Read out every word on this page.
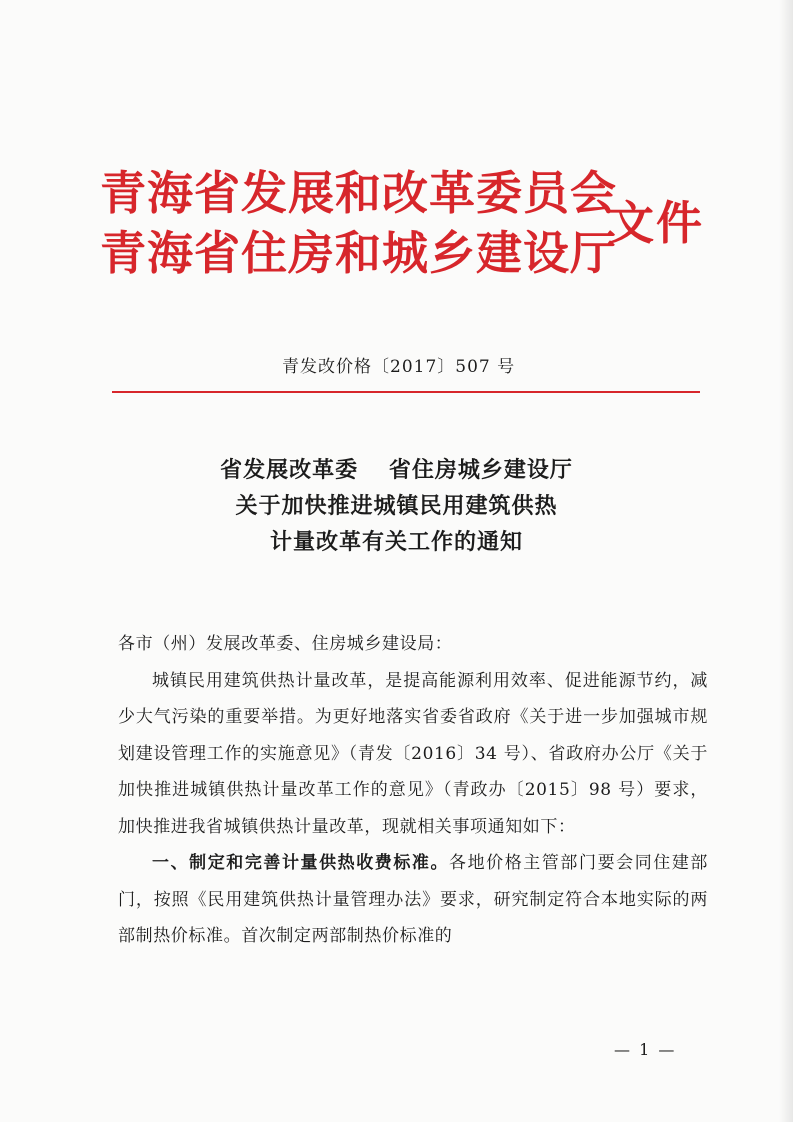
青海省发展和改革委员会
青海省住房和城乡建设厅
文件
青发改价格〔2017〕507 号
省发展改革委 省住房城乡建设厅
关于加快推进城镇民用建筑供热
计量改革有关工作的通知

各市（州）发展改革委、住房城乡建设局：

城镇民用建筑供热计量改革，是提高能源利用效率、促进能源节约，减少大气污染的重要举措。为更好地落实省委省政府《关于进一步加强城市规划建设管理工作的实施意见》（青发〔2016〕34 号）、省政府办公厅《关于加快推进城镇供热计量改革工作的意见》（青政办〔2015〕98 号）要求，加快推进我省城镇供热计量改革，现就相关事项通知如下：

一、制定和完善计量供热收费标准。各地价格主管部门要会同住建部门，按照《民用建筑供热计量管理办法》要求，研究制定符合本地实际的两部制热价标准。首次制定两部制热价标准的

— 1 —
